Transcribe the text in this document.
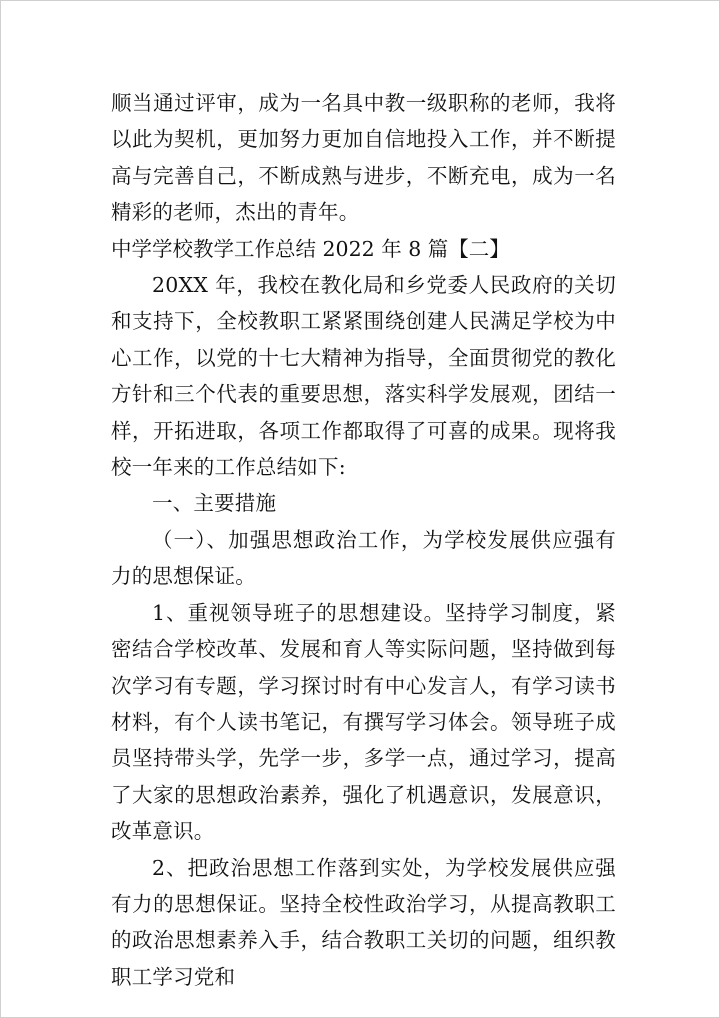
顺当通过评审，成为一名具中教一级职称的老师，我将以此为契机，更加努力更加自信地投入工作，并不断提高与完善自己，不断成熟与进步，不断充电，成为一名精彩的老师，杰出的青年。

中学学校教学工作总结 2022 年 8 篇【二】

20XX 年，我校在教化局和乡党委人民政府的关切和支持下，全校教职工紧紧围绕创建人民满足学校为中心工作，以党的十七大精神为指导，全面贯彻党的教化方针和三个代表的重要思想，落实科学发展观，团结一样，开拓进取，各项工作都取得了可喜的成果。现将我校一年来的工作总结如下:

一、主要措施

（一）、加强思想政治工作，为学校发展供应强有力的思想保证。

1、重视领导班子的思想建设。坚持学习制度，紧密结合学校改革、发展和育人等实际问题，坚持做到每次学习有专题，学习探讨时有中心发言人，有学习读书材料，有个人读书笔记，有撰写学习体会。领导班子成员坚持带头学，先学一步，多学一点，通过学习，提高了大家的思想政治素养，强化了机遇意识，发展意识，改革意识。

2、把政治思想工作落到实处，为学校发展供应强有力的思想保证。坚持全校性政治学习，从提高教职工的政治思想素养入手，结合教职工关切的问题，组织教职工学习党和
